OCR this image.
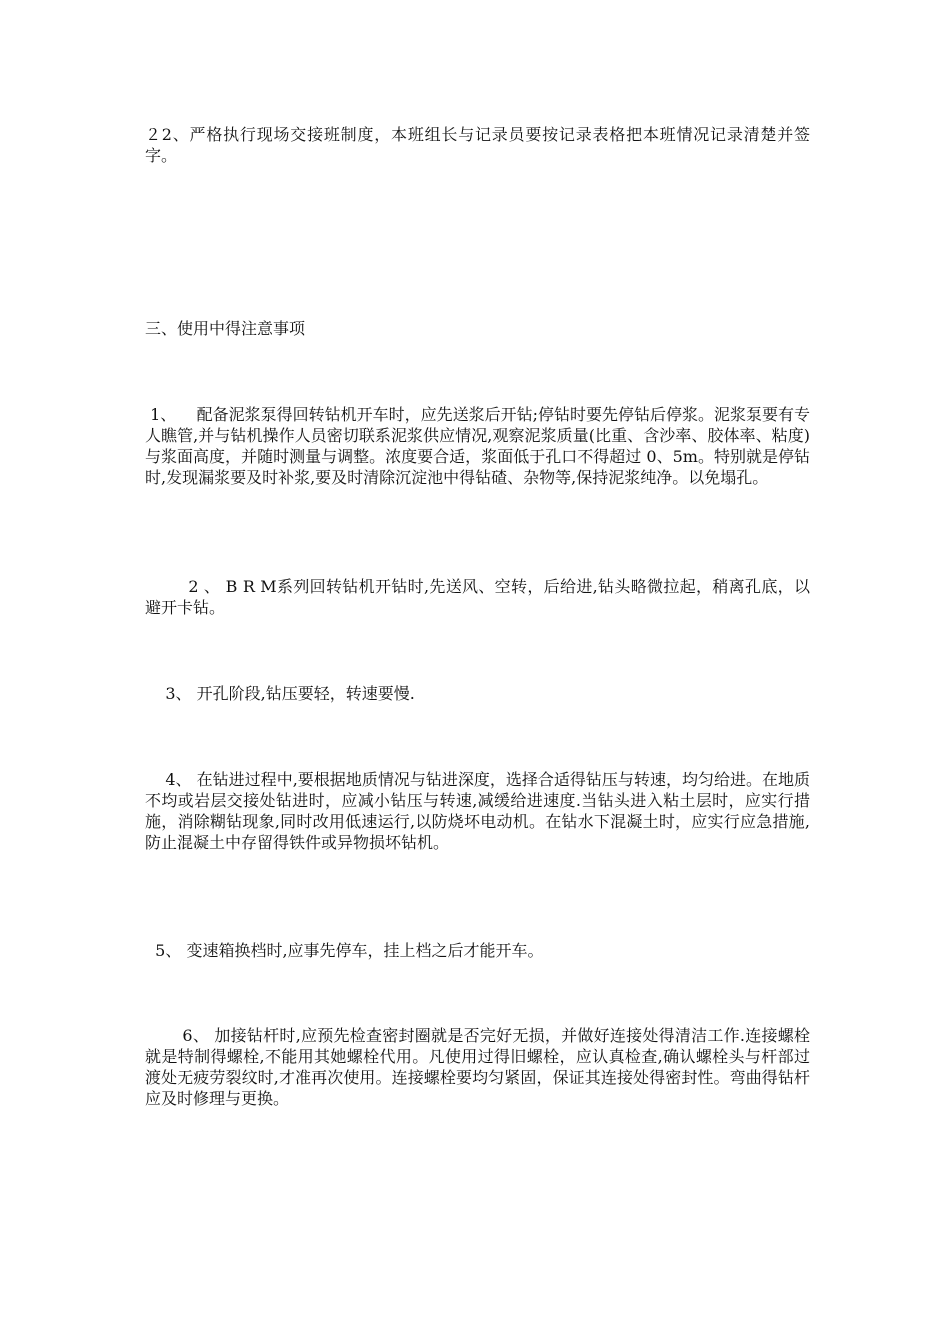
２2、严格执行现场交接班制度，本班组长与记录员要按记录表格把本班情况记录清楚并签字。

三、使用中得注意事项

1、    配备泥浆泵得回转钻机开车时，应先送浆后开钻;停钻时要先停钻后停浆。泥浆泵要有专人瞧管,并与钻机操作人员密切联系泥浆供应情况,观察泥浆质量(比重、含沙率、胶体率、粘度)与浆面高度，并随时测量与调整。浓度要合适，浆面低于孔口不得超过 0、5m。特别就是停钻时,发现漏浆要及时补浆,要及时清除沉淀池中得钻碴、杂物等,保持泥浆纯净。以免塌孔。

2 、 B R M系列回转钻机开钻时,先送风、空转，后给进,钻头略微拉起，稍离孔底，以避开卡钻。

3、 开孔阶段,钻压要轻，转速要慢.

4、 在钻进过程中,要根据地质情况与钻进深度，选择合适得钻压与转速，均匀给进。在地质不均或岩层交接处钻进时，应减小钻压与转速,减缓给进速度.当钻头进入粘土层时，应实行措施，消除糊钻现象,同时改用低速运行,以防烧坏电动机。在钻水下混凝土时，应实行应急措施,防止混凝土中存留得铁件或异物损坏钻机。

5、 变速箱换档时,应事先停车，挂上档之后才能开车。

6、 加接钻杆时,应预先检查密封圈就是否完好无损，并做好连接处得清洁工作.连接螺栓就是特制得螺栓,不能用其她螺栓代用。凡使用过得旧螺栓，应认真检查,确认螺栓头与杆部过渡处无疲劳裂纹时,才准再次使用。连接螺栓要均匀紧固，保证其连接处得密封性。弯曲得钻杆应及时修理与更换。
